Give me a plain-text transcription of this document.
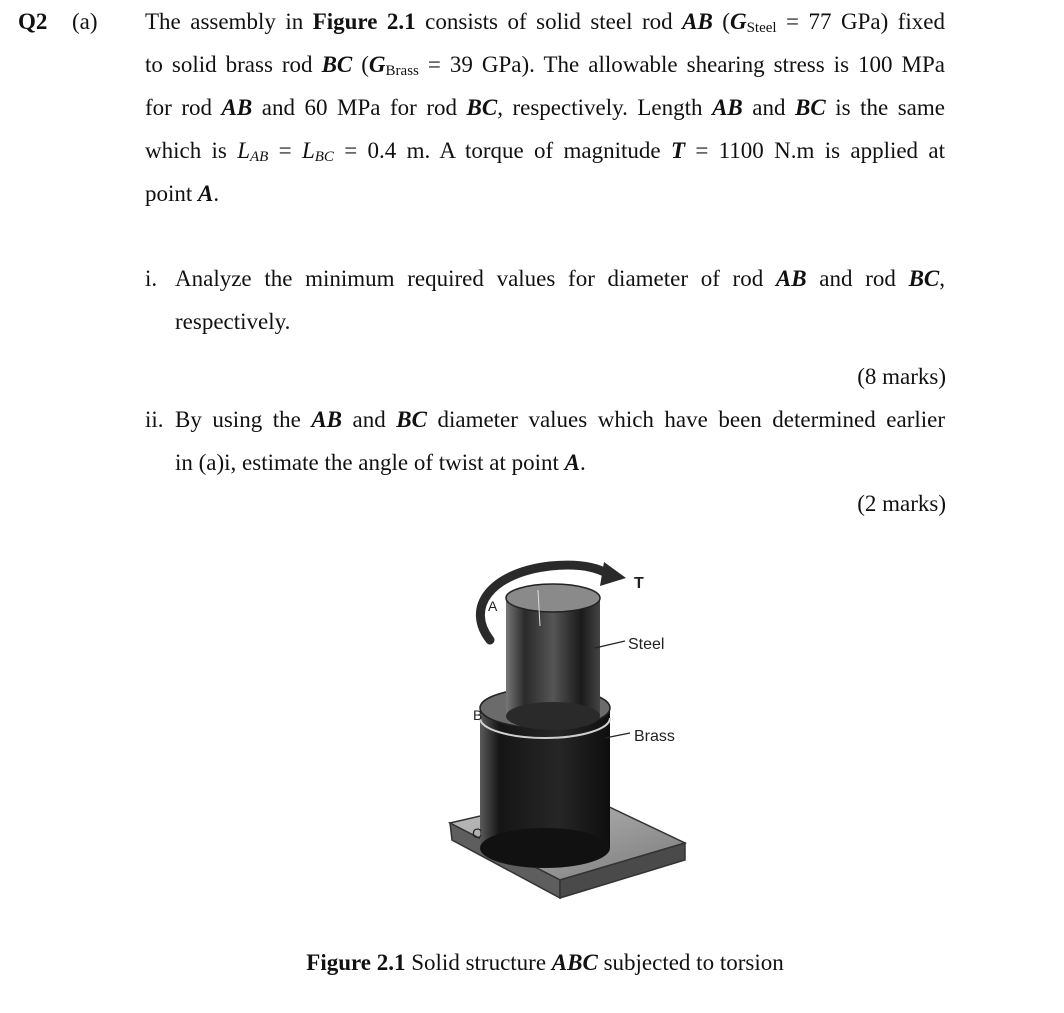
Q2 (a) The assembly in Figure 2.1 consists of solid steel rod AB (GSteel = 77 GPa) fixed
to solid brass rod BC (GBrass = 39 GPa). The allowable shearing stress is 100 MPa
for rod AB and 60 MPa for rod BC, respectively. Length AB and BC is the same
which is LAB = LBC = 0.4 m. A torque of magnitude T = 1100 N.m is applied at
point A.
i. Analyze the minimum required values for diameter of rod AB and rod BC,
respectively.
(8 marks)
ii. By using the AB and BC diameter values which have been determined earlier
in (a)i, estimate the angle of twist at point A.
(2 marks)
T
A
B
C
Steel
Brass
Figure 2.1 Solid structure ABC subjected to torsion
